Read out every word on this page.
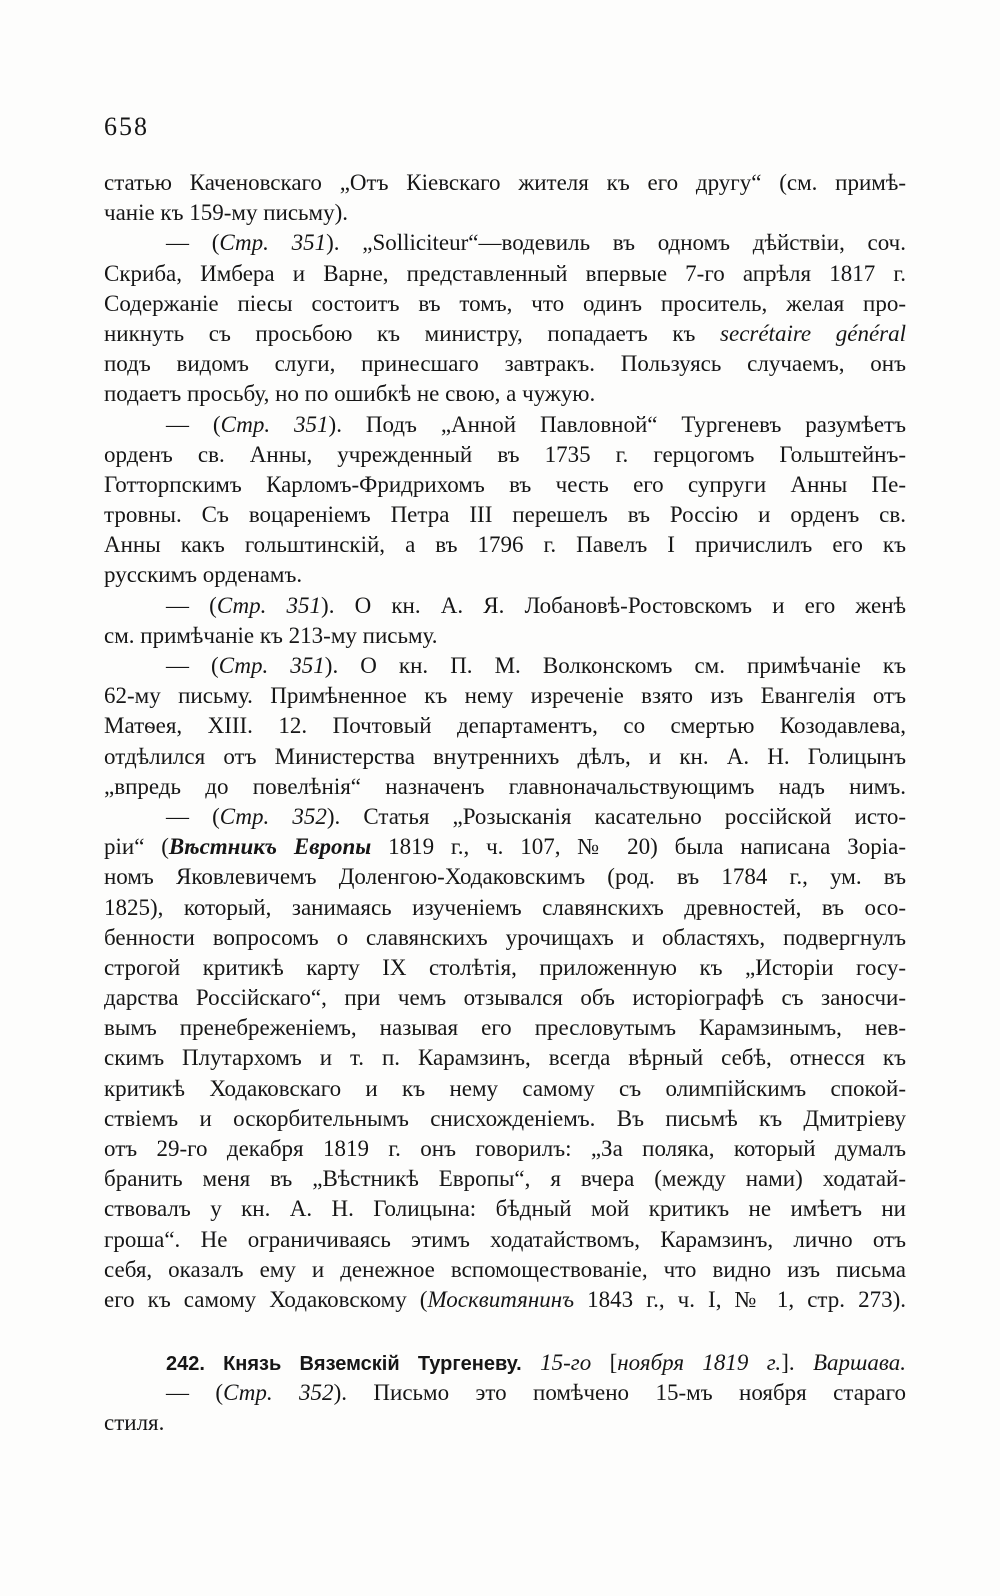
658
статью Каченовскаго „Отъ Кіевскаго жителя къ его другу“ (см. примѣ-
чаніе къ 159-му письму).
— (Стр. 351). „Solliciteur“—водевиль въ одномъ дѣйствіи, соч.
Скриба, Имбера и Варне, представленный впервые 7-го апрѣля 1817 г.
Содержаніе піесы состоитъ въ томъ, что одинъ проситель, желая про-
никнуть съ просьбою къ министру, попадаетъ къ secrétaire général
подъ видомъ слуги, принесшаго завтракъ. Пользуясь случаемъ, онъ
подаетъ просьбу, но по ошибкѣ не свою, а чужую.
— (Стр. 351). Подъ „Анной Павловной“ Тургеневъ разумѣетъ
орденъ св. Анны, учрежденный въ 1735 г. герцогомъ Гольштейнъ-
Готторпскимъ Карломъ-Фридрихомъ въ честь его супруги Анны Пе-
тровны. Съ воцареніемъ Петра III перешелъ въ Россію и орденъ св.
Анны какъ гольштинскій, а въ 1796 г. Павелъ I причислилъ его къ
русскимъ орденамъ.
— (Стр. 351). О кн. А. Я. Лобановѣ-Ростовскомъ и его женѣ
см. примѣчаніе къ 213-му письму.
— (Стр. 351). О кн. П. М. Волконскомъ см. примѣчаніе къ
62-му письму. Примѣненное къ нему изреченіе взято изъ Евангелія отъ
Матѳея, XIII. 12. Почтовый департаментъ, со смертью Козодавлева,
отдѣлился отъ Министерства внутреннихъ дѣлъ, и кн. А. Н. Голицынъ
„впредь до повелѣнія“ назначенъ главноначальствующимъ надъ нимъ.
— (Стр. 352). Статья „Розысканія касательно россійской исто-
ріи“ (Вѣстникъ Европы 1819 г., ч. 107, № 20) была написана Зоріа-
номъ Яковлевичемъ Доленгою-Ходаковскимъ (род. въ 1784 г., ум. въ
1825), который, занимаясь изученіемъ славянскихъ древностей, въ осо-
бенности вопросомъ о славянскихъ урочищахъ и областяхъ, подвергнулъ
строгой критикѣ карту IX столѣтія, приложенную къ „Исторіи госу-
дарства Россійскаго“, при чемъ отзывался объ исторіографѣ съ заносчи-
вымъ пренебреженіемъ, называя его пресловутымъ Карамзинымъ, нев-
скимъ Плутархомъ и т. п. Карамзинъ, всегда вѣрный себѣ, отнесся къ
критикѣ Ходаковскаго и къ нему самому съ олимпійскимъ спокой-
ствіемъ и оскорбительнымъ снисхожденіемъ. Въ письмѣ къ Дмитріеву
отъ 29-го декабря 1819 г. онъ говорилъ: „За поляка, который думалъ
бранить меня въ „Вѣстникѣ Европы“, я вчера (между нами) ходатай-
ствовалъ у кн. А. Н. Голицына: бѣдный мой критикъ не имѣетъ ни
гроша“. Не ограничиваясь этимъ ходатайствомъ, Карамзинъ, лично отъ
себя, оказалъ ему и денежное вспомоществованіе, что видно изъ письма
его къ самому Ходаковскому (Москвитянинъ 1843 г., ч. I, № 1, стр. 273).
242. Князь Вяземскій Тургеневу. 15-го [ноября 1819 г.]. Варшава.
— (Стр. 352). Письмо это помѣчено 15-мъ ноября стараго
стиля.
